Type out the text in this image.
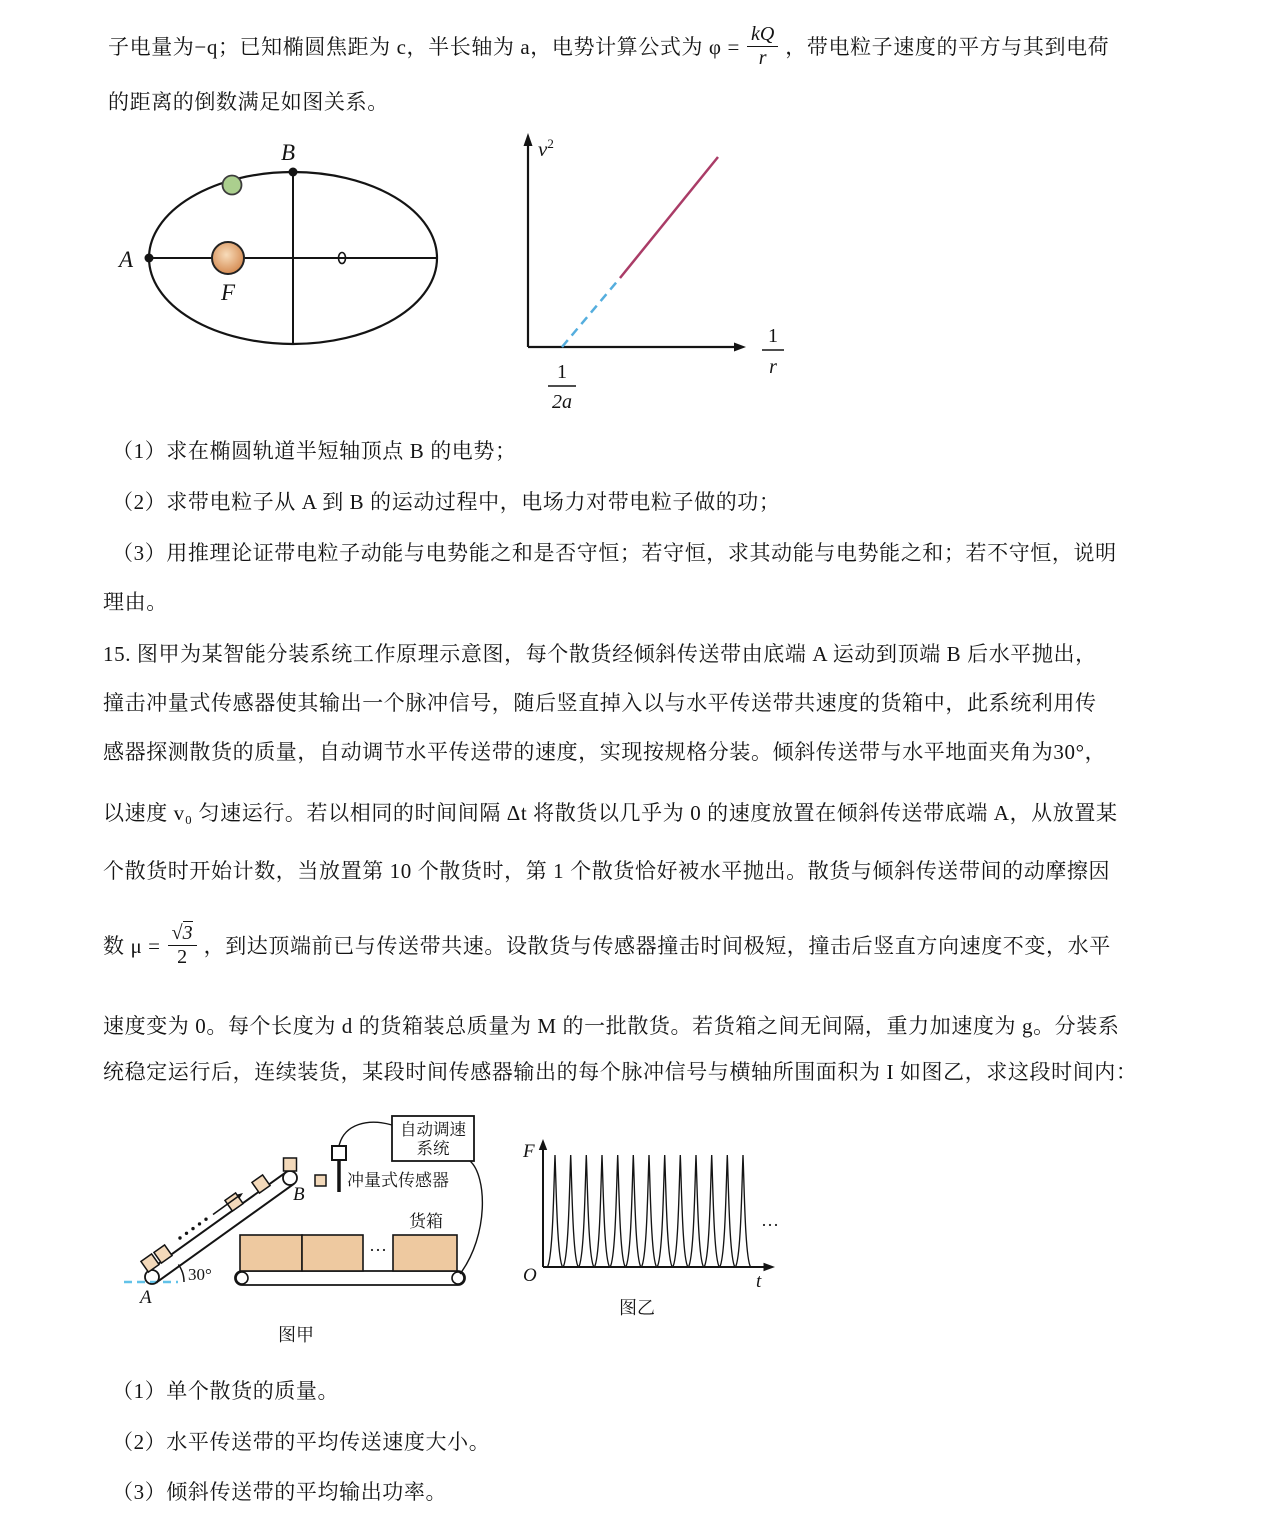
子电量为−q；已知椭圆焦距为 c，半长轴为 a，电势计算公式为 $\varphi = \frac{kQ}{r}$ ，带电粒子速度的平方与其到电荷
的距离的倒数满足如图关系。
A
B
F
$v^2$
1
2a
1
r
（1）求在椭圆轨道半短轴顶点 B 的电势；
（2）求带电粒子从 A 到 B 的运动过程中，电场力对带电粒子做的功；
（3）用推理论证带电粒子动能与电势能之和是否守恒；若守恒，求其动能与电势能之和；若不守恒，说明
理由。
15. 图甲为某智能分装系统工作原理示意图，每个散货经倾斜传送带由底端 A 运动到顶端 B 后水平抛出，
撞击冲量式传感器使其输出一个脉冲信号，随后竖直掉入以与水平传送带共速度的货箱中，此系统利用传
感器探测散货的质量，自动调节水平传送带的速度，实现按规格分装。倾斜传送带与水平地面夹角为30°，
以速度 v₀ 匀速运行。若以相同的时间间隔 Δt 将散货以几乎为 0 的速度放置在倾斜传送带底端 A，从放置某
个散货时开始计数，当放置第 10 个散货时，第 1 个散货恰好被水平抛出。散货与倾斜传送带间的动摩擦因
数 $\mu = \frac{√3}{2}$ ，到达顶端前已与传送带共速。设散货与传感器撞击时间极短，撞击后竖直方向速度不变，水平
速度变为 0。每个长度为 d 的货箱装总质量为 M 的一批散货。若货箱之间无间隔，重力加速度为 g。分装系
统稳定运行后，连续装货，某段时间传感器输出的每个脉冲信号与横轴所围面积为 I 如图乙，求这段时间内：
30°
A
B
冲量式传感器
自动调速
系统
···
货箱
图甲
F
O	t
···
图乙
（1）单个散货的质量。
（2）水平传送带的平均传送速度大小。
（3）倾斜传送带的平均输出功率。
